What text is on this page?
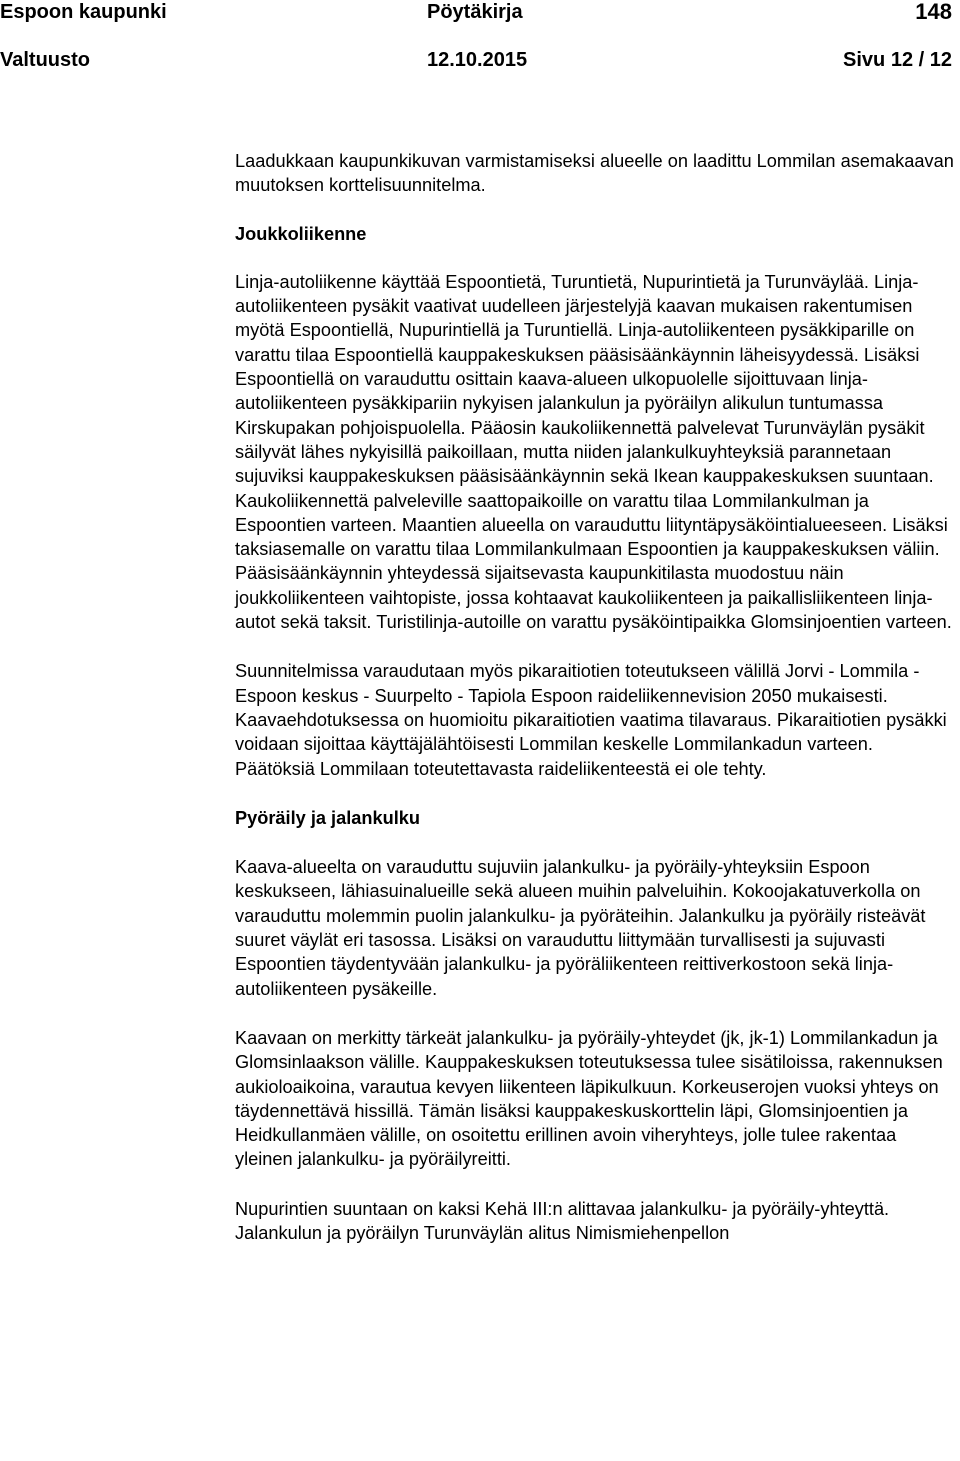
Espoon kaupunki	Pöytäkirja	148
Valtuusto	12.10.2015	Sivu 12 / 12

Laadukkaan kaupunkikuvan varmistamiseksi alueelle on laadittu Lommilan asemakaavan muutoksen korttelisuunnitelma.

Joukkoliikenne

Linja-autoliikenne käyttää Espoontietä, Turuntietä, Nupurintietä ja Turunväylää. Linja-autoliikenteen pysäkit vaativat uudelleen järjestelyjä kaavan mukaisen rakentumisen myötä Espoontiellä, Nupurintiellä ja Turuntiellä. Linja-autoliikenteen pysäkkiparille on varattu tilaa Espoontiellä kauppakeskuksen pääsisäänkäynnin läheisyydessä. Lisäksi Espoontiellä on varauduttu osittain kaava-alueen ulkopuolelle sijoittuvaan linja-autoliikenteen pysäkkipariin nykyisen jalankulun ja pyöräilyn alikulun tuntumassa Kirskupakan pohjoispuolella. Pääosin kaukoliikennettä palvelevat Turunväylän pysäkit säilyvät lähes nykyisillä paikoillaan, mutta niiden jalankulkuyhteyksiä parannetaan sujuviksi kauppakeskuksen pääsisäänkäynnin sekä Ikean kauppakeskuksen suuntaan. Kaukoliikennettä palveleville saattopaikoille on varattu tilaa Lommilankulman ja Espoontien varteen. Maantien alueella on varauduttu liityntäpysäköintialueeseen. Lisäksi taksiasemalle on varattu tilaa Lommilankulmaan Espoontien ja kauppakeskuksen väliin. Pääsisäänkäynnin yhteydessä sijaitsevasta kaupunkitilasta muodostuu näin joukkoliikenteen vaihtopiste, jossa kohtaavat kaukoliikenteen ja paikallisliikenteen linja-autot sekä taksit. Turistilinja-autoille on varattu pysäköintipaikka Glomsinjoentien varteen.

Suunnitelmissa varaudutaan myös pikaraitiotien toteutukseen välillä Jorvi - Lommila - Espoon keskus - Suurpelto - Tapiola Espoon raideliikennevision 2050 mukaisesti. Kaavaehdotuksessa on huomioitu pikaraitiotien vaatima tilavaraus. Pikaraitiotien pysäkki voidaan sijoittaa käyttäjälähtöisesti Lommilan keskelle Lommilankadun varteen. Päätöksiä Lommilaan toteutettavasta raideliikenteestä ei ole tehty.

Pyöräily ja jalankulku

Kaava-alueelta on varauduttu sujuviin jalankulku- ja pyöräily-yhteyksiin Espoon keskukseen, lähiasuinalueille sekä alueen muihin palveluihin. Kokoojakatuverkolla on varauduttu molemmin puolin jalankulku- ja pyöräteihin. Jalankulku ja pyöräily risteävät suuret väylät eri tasossa. Lisäksi on varauduttu liittymään turvallisesti ja sujuvasti Espoontien täydentyvään jalankulku- ja pyöräliikenteen reittiverkostoon sekä linja-autoliikenteen pysäkeille.

Kaavaan on merkitty tärkeät jalankulku- ja pyöräily-yhteydet (jk, jk-1) Lommilankadun ja Glomsinlaakson välille. Kauppakeskuksen toteutuksessa tulee sisätiloissa, rakennuksen aukioloaikoina, varautua kevyen liikenteen läpikulkuun. Korkeuserojen vuoksi yhteys on täydennettävä hissillä. Tämän lisäksi kauppakeskuskorttelin läpi, Glomsinjoentien ja Heidkullanmäen välille, on osoitettu erillinen avoin viheryhteys, jolle tulee rakentaa yleinen jalankulku- ja pyöräilyreitti.

Nupurintien suuntaan on kaksi Kehä III:n alittavaa jalankulku- ja pyöräily-yhteyttä. Jalankulun ja pyöräilyn Turunväylän alitus Nimismiehenpellon
